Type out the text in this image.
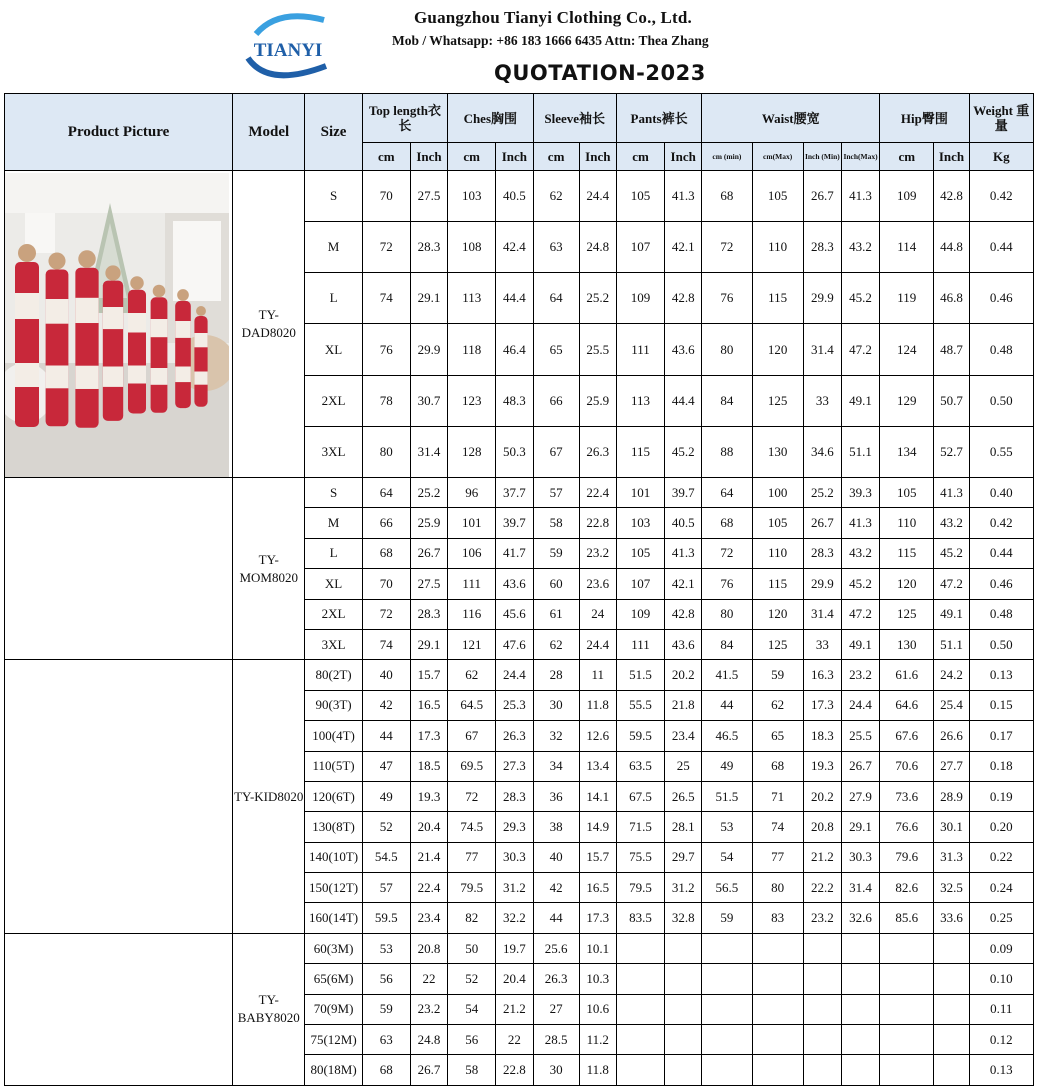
TIANYI
Guangzhou Tianyi Clothing Co., Ltd.
Mob / Whatsapp: +86 183 1666 6435 Attn: Thea Zhang
QUOTATION-2023
Product Picture	Model	Size	Top length衣长		Ches胸围		Sleeve袖长		Pants裤长		Waist腰宽				Hip臀围		Weight 重量
			cm	Inch	cm	Inch	cm	Inch	cm	Inch	cm (min)	cm(Max)	Inch (Min)	Inch(Max)	cm	Inch	Kg

	TY-DAD8020	S	70	27.5	103	40.5	62	24.4	105	41.3	68	105	26.7	41.3	109	42.8	0.42
		M	72	28.3	108	42.4	63	24.8	107	42.1	72	110	28.3	43.2	114	44.8	0.44
		L	74	29.1	113	44.4	64	25.2	109	42.8	76	115	29.9	45.2	119	46.8	0.46
		XL	76	29.9	118	46.4	65	25.5	111	43.6	80	120	31.4	47.2	124	48.7	0.48
		2XL	78	30.7	123	48.3	66	25.9	113	44.4	84	125	33	49.1	129	50.7	0.50
		3XL	80	31.4	128	50.3	67	26.3	115	45.2	88	130	34.6	51.1	134	52.7	0.55
	TY-MOM8020	S	64	25.2	96	37.7	57	22.4	101	39.7	64	100	25.2	39.3	105	41.3	0.40
		M	66	25.9	101	39.7	58	22.8	103	40.5	68	105	26.7	41.3	110	43.2	0.42
		L	68	26.7	106	41.7	59	23.2	105	41.3	72	110	28.3	43.2	115	45.2	0.44
		XL	70	27.5	111	43.6	60	23.6	107	42.1	76	115	29.9	45.2	120	47.2	0.46
		2XL	72	28.3	116	45.6	61	24	109	42.8	80	120	31.4	47.2	125	49.1	0.48
		3XL	74	29.1	121	47.6	62	24.4	111	43.6	84	125	33	49.1	130	51.1	0.50
	TY-KID8020	80(2T)	40	15.7	62	24.4	28	11	51.5	20.2	41.5	59	16.3	23.2	61.6	24.2	0.13
		90(3T)	42	16.5	64.5	25.3	30	11.8	55.5	21.8	44	62	17.3	24.4	64.6	25.4	0.15
		100(4T)	44	17.3	67	26.3	32	12.6	59.5	23.4	46.5	65	18.3	25.5	67.6	26.6	0.17
		110(5T)	47	18.5	69.5	27.3	34	13.4	63.5	25	49	68	19.3	26.7	70.6	27.7	0.18
		120(6T)	49	19.3	72	28.3	36	14.1	67.5	26.5	51.5	71	20.2	27.9	73.6	28.9	0.19
		130(8T)	52	20.4	74.5	29.3	38	14.9	71.5	28.1	53	74	20.8	29.1	76.6	30.1	0.20
		140(10T)	54.5	21.4	77	30.3	40	15.7	75.5	29.7	54	77	21.2	30.3	79.6	31.3	0.22
		150(12T)	57	22.4	79.5	31.2	42	16.5	79.5	31.2	56.5	80	22.2	31.4	82.6	32.5	0.24
		160(14T)	59.5	23.4	82	32.2	44	17.3	83.5	32.8	59	83	23.2	32.6	85.6	33.6	0.25
	TY-BABY8020	60(3M)	53	20.8	50	19.7	25.6	10.1									0.09
		65(6M)	56	22	52	20.4	26.3	10.3									0.10
		70(9M)	59	23.2	54	21.2	27	10.6									0.11
		75(12M)	63	24.8	56	22	28.5	11.2									0.12
		80(18M)	68	26.7	58	22.8	30	11.8									0.13
